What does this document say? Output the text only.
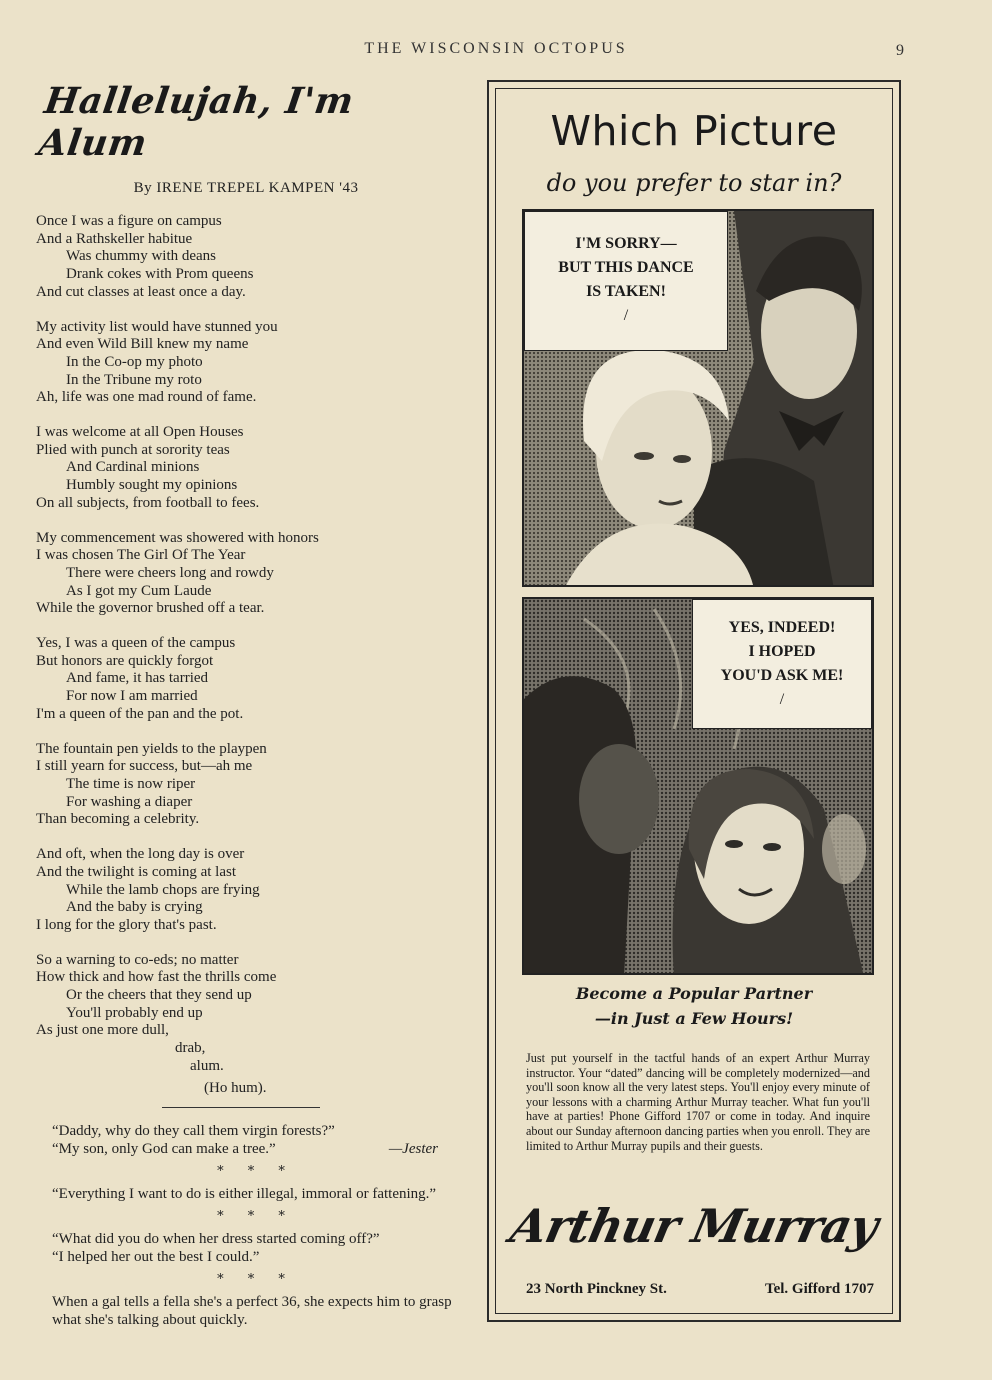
THE WISCONSIN OCTOPUS	9
Hallelujah, I'm Alum
By IRENE TREPEL KAMPEN '43
Once I was a figure on campus
And a Rathskeller habitue
Was chummy with deans
Drank cokes with Prom queens
And cut classes at least once a day.
My activity list would have stunned you
And even Wild Bill knew my name
In the Co-op my photo
In the Tribune my roto
Ah, life was one mad round of fame.
I was welcome at all Open Houses
Plied with punch at sorority teas
And Cardinal minions
Humbly sought my opinions
On all subjects, from football to fees.
My commencement was showered with honors
I was chosen The Girl Of The Year
There were cheers long and rowdy
As I got my Cum Laude
While the governor brushed off a tear.
Yes, I was a queen of the campus
But honors are quickly forgot
And fame, it has tarried
For now I am married
I'm a queen of the pan and the pot.
The fountain pen yields to the playpen
I still yearn for success, but—ah me
The time is now riper
For washing a diaper
Than becoming a celebrity.
And oft, when the long day is over
And the twilight is coming at last
While the lamb chops are frying
And the baby is crying
I long for the glory that's past.
So a warning to co-eds; no matter
How thick and how fast the thrills come
Or the cheers that they send up
You'll probably end up
As just one more dull,
drab,
alum.
(Ho hum).

“Daddy, why do they call them virgin forests?”

“My son, only God can make a tree.”	—Jester

* * *

“Everything I want to do is either illegal, immoral or fattening.”

* * *

“What did you do when her dress started coming off?”

“I helped her out the best I could.”

* * *

When a gal tells a fella she's a perfect 36, she expects him to grasp what she's talking about quickly.

Which Picture
do you prefer to star in?
I'M SORRY—
BUT THIS DANCE
IS TAKEN!
/
YES, INDEED!
I HOPED
YOU'D ASK ME!
/
Become a Popular Partner
—in Just a Few Hours!
Just put yourself in the tactful hands of an expert Arthur Murray instructor. Your “dated” dancing will be completely modernized—and you'll soon know all the very latest steps. You'll enjoy every minute of your lessons with a charming Arthur Murray teacher. What fun you'll have at parties! Phone Gifford 1707 or come in today. And inquire about our Sunday afternoon dancing parties when you enroll. They are limited to Arthur Murray pupils and their guests.
Arthur Murray
23 North Pinckney St.	Tel. Gifford 1707
